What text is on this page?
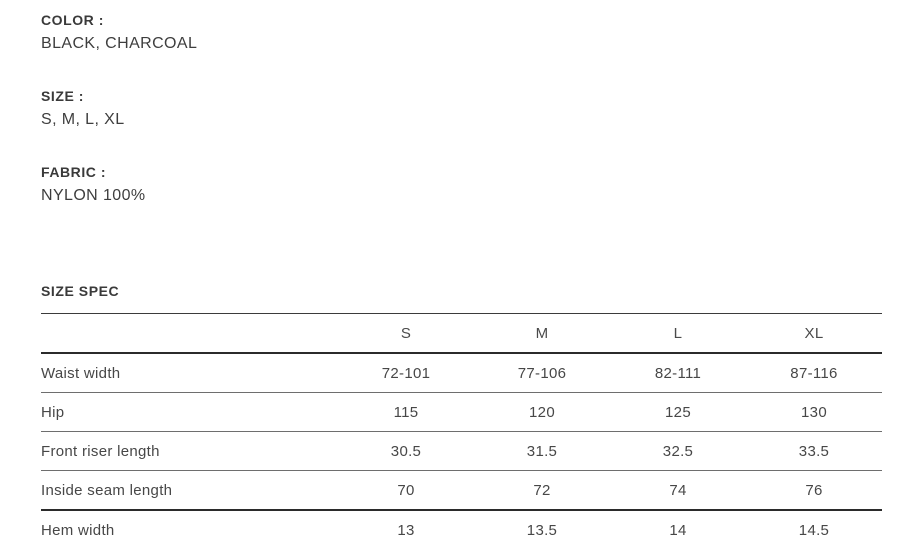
COLOR :
BLACK, CHARCOAL
SIZE :
S, M, L, XL
FABRIC :
NYLON 100%
SIZE SPEC
	S	M	L	XL
Waist width	72-101	77-106	82-111	87-116
Hip	115	120	125	130
Front riser length	30.5	31.5	32.5	33.5
Inside seam length	70	72	74	76
Hem width	13	13.5	14	14.5
